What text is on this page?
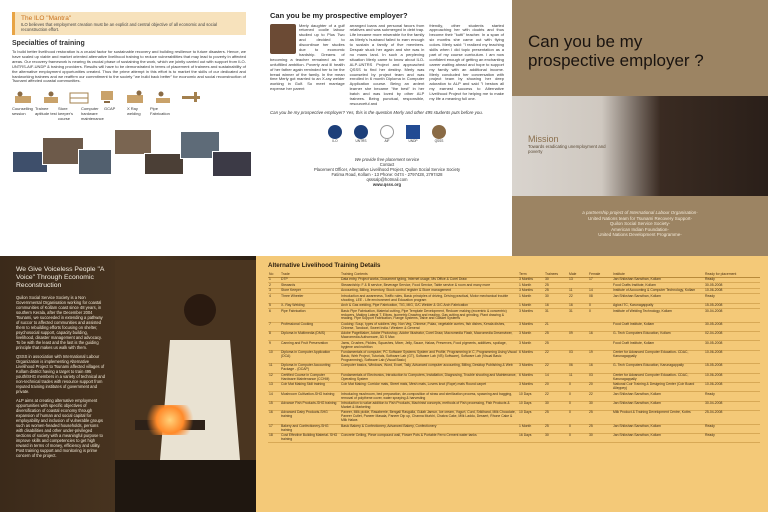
The ILO "Mantra"

ILO believes that employment creation must be an explicit and central objective of all economic and social reconstruction effort.

Specialties of training

To build better livelihood restoration is a crucial factor for sustainable recovery and building resilience to future disasters. Hence, we have scaled up viable and market oriented alternative livelihood training to reduce vulnerabilities that may lead to poverty in affected areas. Our recovery framework is nearing its crucial phase of sustaining the work, which we jointly carried out with support from ILO-UNTRS-AIF-UNDP & training providers. Results will have to be demonstrated in terms of placement of trainees and sustainability of the alternative employment opportunities created. Thus the prime attempt in this effort is to market the skills of our dedicated and hardworking trainees and we reaffirm our commitment to the society "we build back better" for economic and social reconstruction of Tsunami affected coastal communities.

Counselling session
Trainee aptitude test
Store keeper's course
Computer hardware maintenance
GCAP	X Ray welding
Pipe Fabrication
Can you be my prospective employer?
Merly daughter of a gulf returned coolie labour studied up to Plus Two and decided to discontinue her studies due to economic hardship. Dreams of becoming a teacher remained as her unfulfilled ambition. Poverty and ill health of her father again reminded her to be the bread winner of the family. In the mean time Merly got married to an X-ray welder working in Gulf. So meet marriage expense her parent
arranged loans and personal favors from relatives and was submerged in debt trap. Life became more miserable for the family as Merly's husband failed to earn enough to sustain a family of five members. Despair stuck her again and she was in no mans land. In such a perplexing situation Merly came to know about ILO-ALP-UNTRS Project and approached QSSS to find her destiny. Merly was counseled by project team and was enrolled in 6 month Diploma in Computer Application course. Being an ardent learner she became "the best" in her batch and was loved by other ALP trainees. Being punctual, responsible, resourceful and
friendly, other students started approaching her with doubts and thus become their "kutti" teacher. In a span of six months she came out with flying colors. Merly said: "I realized my teaching skills when I did topic presentation as a part of my course curriculum. I am now confident enough of getting an enchanting career waiting ahead and hope to support my family with an additional income. Merly concluded her conversation with project team by showing her deep adoration to ALP and said "I bestow all my earnest success to Alternative Livelihood Project for helping me to make my life a meaning full one.

Can you be my prospective employer? Yes, this is the question Merly and other 495 students puts before you.

ILO	UNTRS	AIF	UNDP	QSSS
We provide free placement service
Contact
Placement Officer, Alternative Livelihood Project, Quilon Social Service Society
Fatima Road, Kollam - 13 Phone: 0474 - 2797428, 2797428
qsssalp@hotmail.com
www.qsss.org
Can you be my prospective employer ?
Mission
Towards eradicating unemployment and poverty
a partnership project of International Labour Organisation-
United Nations team for Tsunami Recovery Support-
Quilon Social Service Society-
American Indian Foundation-
United Nations Development Programme-
We Give Voiceless People "A Voice" Through Economic Reconstruction

Quilon Social Service Society is a Non Governmental Organisation working for coastal communities of Kollam coast since 48 years, in southern Kerala, after the December 2004 Tsunami, we succeeded in extending a pathway of succor to affected communities and assisted them to rebuilding efforts focusing on shelter, psychosocial support, capacity building, livelihood, disaster management and advocacy. To be with the least and the last is the guiding principle that makes us walk with them.

QSSS in association with International Labour Organization is implementing Alternative Livelihood Project to Tsunami affected villages of Kollam district having a target to train 495 youth/SHG members in a variety of technical and non-technical trades with resource support from reputed training institutes of government and private.

ALP aims at creating alternative employment opportunities with specific objectives of diversification of coastal economy through expansion of human and social capital for employability and inclusion of vulnerable groups such as women-headed households, persons with disabilities and other under-privileged sections of society with a meaningful purpose to improve skills and competencies to get high reward in terms of money, efficiency and utility. Post training support and monitoring is prime concern of the project.

Alternative Livelihood Training Details
No	Trade	Training Contents	Term	Trainees	Male	Female	Institute	Ready for placement
1	DTP	Data entry, Project works, Document typing, Internet usage, Ms Office & Corel Draw	3 Months	30	13	17	Jan Shikshan Sansthan, Kollam	Ready
2	Stewards	Stewardship: F & B service, Beverage Service, Food Service, Table service & room and many more	1 Month	25			Food Crafts Institute, Kollam	30-05-2008
3	Store Keeper	Accounting, Billing, Inventory, Stock control register & Store management	3 Months	25	11	14	Institute of Accounting & Computer Technology, Kollam	10-06-2008
4	Three Wheeler	Introduction and awareness, Traffic rules, Basic principles of driving, Driving practical, Motor mechanical trouble shooting, LEE - Life environment and Education program	1 Month	30	22	08	Jan Shikshan Sansthan, Kollam	Ready
5	X- Ray Welding	Arch & Gas welding, Pipe Fabrication, TIG, MIG, G/C Welder & G/C Arch Fabrication	1 Month	16	16	0	Agios ITC, Karunagappally	15-05-2008
6	Pipe Fabrication	Basic Pipe Fabrication, Material cutting, Pipe Template Development, Reducer making (eccentric & concentric) reducers, Making Lateral T, Elbow, Isometric Drawing and reading, Gas cutting and grinding, Plant drawing & reading, Pipe Support Fabrication, Flange Systems, Valve and Gasket Systems	3 Months	31	31	0	Institute of Welding Technology, Kollam	30-04-2008
7	Professional Cooking	Cooking: Soup, types of soldiers Veg. Non Veg, Chinese, Pulao, vegetable curries, fish dishes, Kerala dishes, Chinese, Tandoori, Sweet India / Western & General	3 Months	21			Food Craft Institute, Kollam	30-05-2008
8	Diploma in Multimedia (DMS)	Adobe PageMaker, Adobe Photoshop, Adobe Illustrator, Corel Draw, Macromedia Flash, Macromedia Dreamviwer, Macromedia Authorware, 3D S Max	3 Month	25	09	16	G- Tech Computers Education, Kollam	02-04-2008
9	Canning and Fruit Preservation	Jams, Crushes, Pickles, Squashes, Mixer, Jelly, Sauce, Halwa, Preserves, Food pigments, additives, spoilage, hygiene and nutrition	3 Month	25			Food Craft Institute, Kollam	30-05-2008
10	Diploma in Computer Application (DCA)	Fundamentals of computer, PC Software Systems System and Profile, Programming in C, Programming Using Visual Basic, Web Project, Tutorials, Software Lab (GT), Software Lab (VB) Software), Software Lab (Visual Basic Programming), Software Lab (Visual Basic)	6 Months	22	03	19	Center for Advanced Computer Education- CDAC, Karunagappally	10-06-2008
11	Diploma in Computer Accounting Package - (DCAP)	Computer basics, Windows, Word, Excel, Tally, Advanced computer accounting, Billing, Desktop Publishing & Web	3 Months	22	06	16	G- Tech Computers Education, Karunagappally	15-05-2008
12	Certified Course in Computer Hardware Maintenance (CCHM)	Fundamentals of Electronics, Introduction to Computers, Installation, Diagnosing, Trouble shooting and Maintenance, Operating System	6 Months	14	11	03	Center for Advanced Computer Education- CDAC, Karunagappally	10-06-2008
13	Coir Mat Making Skill training	Coir Mat Making: Corridor mats, Street mats, Mesh mats, Lovers knot (Rope) mats Round carpet	3 Months	20	0	20	National Coir Training & Designing Center (Coir Board Alleppey)	10-06-2008
14	Mushroom Cultivation-SHG training	Introducing mushroom, bed preparation, de-composition of straw and sterilization process, spawning and bagging, removal of polythene cover, water spraying & harvesting	10 Days	22	0	22	Jan Shikshan Sansthan, Kollam	Ready
15	Advance Fish Products-SHG training	Introduction to value addition to Fish Products, Machinist concepts, methods of Fish processing, Fish Products & Market & Marketing	10 Days	30	0	30	Jan Shikshan Sansthan, Kollam	30-04-2008
16	Advanced Dairy Products-SHG training	Paneer, Milk pickle, Rasaberrie, Bengali Rasgulla, Gulab Jamun, Ice cream, Yogurt, Curd, Sriklhand, Milk Chocolate, Paneer Cutlet, Paneer Masala, Paneer Dip up, Channa Murkhi, Chakra Cake, Milk Laddu, Dessert, Rhone Cake & Milk Halwa	10 Days	25	0	25	Milk Product & Training Development Centre, Kottrs	25-04-2008
17	Bakery and Confectionery-SHG training	Basic Bakery & Confectionery, Advanced Bakery, Confectionery	1 Month	25	0	25	Jan Shikshan Sansthan, Kollam	Ready
18	Cost Effective Building Material- SHG training	Concrete Ceiling, Piece compound wall, Flower Pots & Portable Ferro Cement water tanks	16 Days	30	0	30	Jan Shikshan Sansthan, Kollam	Ready
